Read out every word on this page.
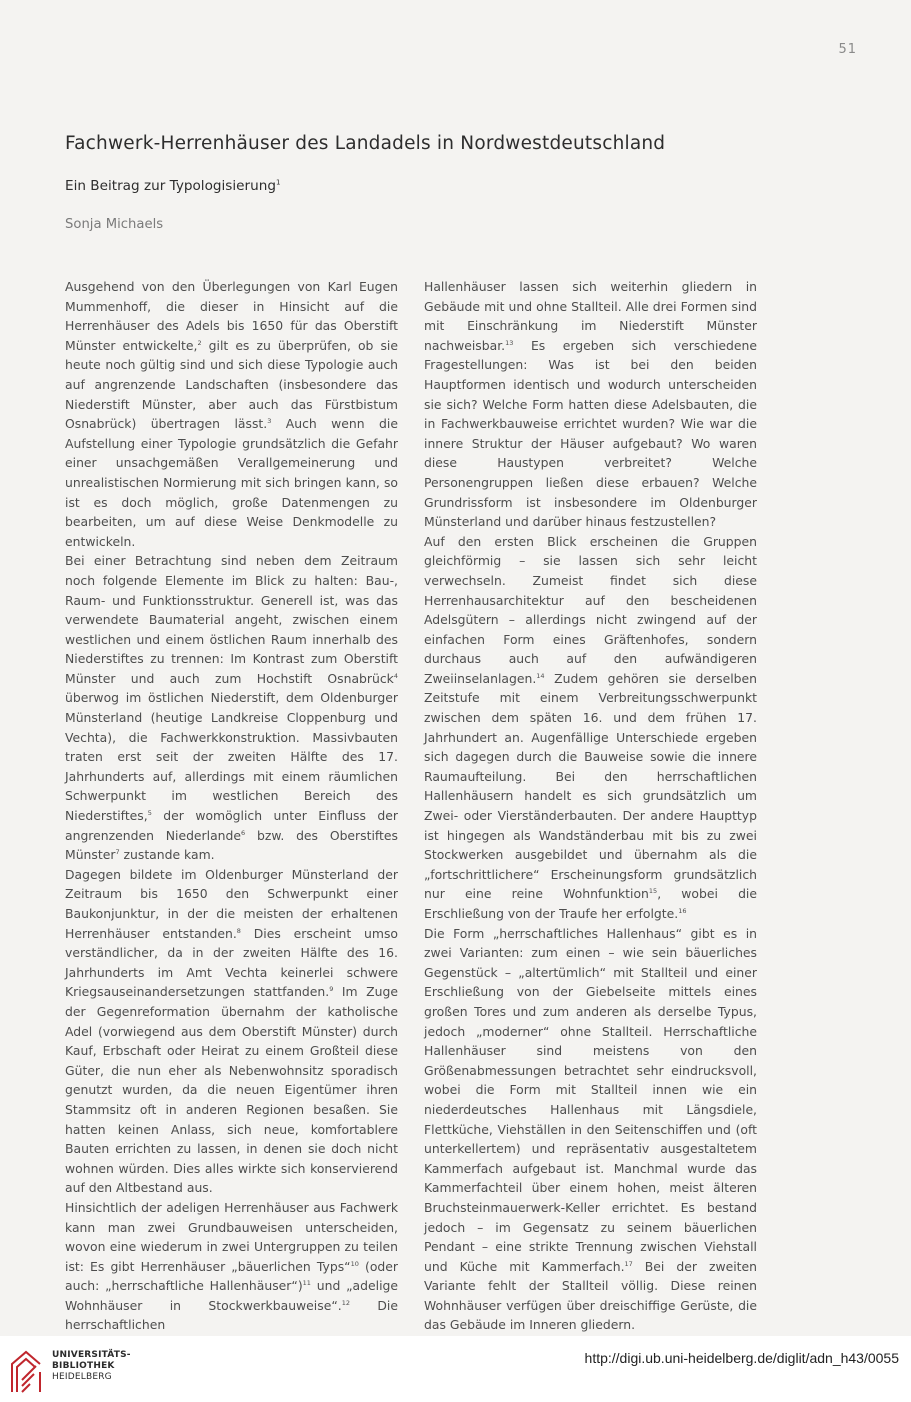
51
Fachwerk-Herrenhäuser des Landadels in Nordwestdeutschland
Ein Beitrag zur Typologisierung$^1$
Sonja Michaels

Ausgehend von den Überlegungen von Karl Eugen Mummenhoff, die dieser in Hinsicht auf die Herrenhäuser des Adels bis 1650 für das Oberstift Münster entwickelte,$^2$ gilt es zu überprüfen, ob sie heute noch gültig sind und sich diese Typologie auch auf angrenzende Landschaften (insbesondere das Niederstift Münster, aber auch das Fürstbistum Osnabrück) übertragen lässt.$^3$ Auch wenn die Aufstellung einer Typologie grundsätzlich die Gefahr einer unsachgemäßen Verallgemeinerung und unrealistischen Normierung mit sich bringen kann, so ist es doch möglich, große Datenmengen zu bearbeiten, um auf diese Weise Denkmodelle zu entwickeln.

Bei einer Betrachtung sind neben dem Zeitraum noch folgende Elemente im Blick zu halten: Bau-, Raum- und Funktionsstruktur. Generell ist, was das verwendete Baumaterial angeht, zwischen einem westlichen und einem östlichen Raum innerhalb des Niederstiftes zu trennen: Im Kontrast zum Oberstift Münster und auch zum Hochstift Osnabrück$^4$ überwog im östlichen Niederstift, dem Oldenburger Münsterland (heutige Landkreise Cloppenburg und Vechta), die Fachwerkkonstruktion. Massivbauten traten erst seit der zweiten Hälfte des 17. Jahrhunderts auf, allerdings mit einem räumlichen Schwerpunkt im westlichen Bereich des Niederstiftes,$^5$ der womöglich unter Einfluss der angrenzenden Niederlande$^6$ bzw. des Oberstiftes Münster$^7$ zustande kam.

Dagegen bildete im Oldenburger Münsterland der Zeitraum bis 1650 den Schwerpunkt einer Baukonjunktur, in der die meisten der erhaltenen Herrenhäuser entstanden.$^8$ Dies erscheint umso verständlicher, da in der zweiten Hälfte des 16. Jahrhunderts im Amt Vechta keinerlei schwere Kriegsauseinandersetzungen stattfanden.$^9$ Im Zuge der Gegenreformation übernahm der katholische Adel (vorwiegend aus dem Oberstift Münster) durch Kauf, Erbschaft oder Heirat zu einem Großteil diese Güter, die nun eher als Nebenwohnsitz sporadisch genutzt wurden, da die neuen Eigentümer ihren Stammsitz oft in anderen Regionen besaßen. Sie hatten keinen Anlass, sich neue, komfortablere Bauten errichten zu lassen, in denen sie doch nicht wohnen würden. Dies alles wirkte sich konservierend auf den Altbestand aus.

Hinsichtlich der adeligen Herrenhäuser aus Fachwerk kann man zwei Grundbauweisen unterscheiden, wovon eine wiederum in zwei Untergruppen zu teilen ist: Es gibt Herrenhäuser „bäuerlichen Typs“$^{10}$ (oder auch: „herrschaftliche Hallenhäuser“)$^{11}$ und „adelige Wohnhäuser in Stockwerkbauweise“.$^{12}$ Die herrschaftlichen

Hallenhäuser lassen sich weiterhin gliedern in Gebäude mit und ohne Stallteil. Alle drei Formen sind mit Einschränkung im Niederstift Münster nachweisbar.$^{13}$ Es ergeben sich verschiedene Fragestellungen: Was ist bei den beiden Hauptformen identisch und wodurch unterscheiden sie sich? Welche Form hatten diese Adelsbauten, die in Fachwerkbauweise errichtet wurden? Wie war die innere Struktur der Häuser aufgebaut? Wo waren diese Haustypen verbreitet? Welche Personengruppen ließen diese erbauen? Welche Grundrissform ist insbesondere im Oldenburger Münsterland und darüber hinaus festzustellen?

Auf den ersten Blick erscheinen die Gruppen gleichförmig – sie lassen sich sehr leicht verwechseln. Zumeist findet sich diese Herrenhausarchitektur auf den bescheidenen Adelsgütern – allerdings nicht zwingend auf der einfachen Form eines Gräftenhofes, sondern durchaus auch auf den aufwändigeren Zweiinselanlagen.$^{14}$ Zudem gehören sie derselben Zeitstufe mit einem Verbreitungsschwerpunkt zwischen dem späten 16. und dem frühen 17. Jahrhundert an. Augenfällige Unterschiede ergeben sich dagegen durch die Bauweise sowie die innere Raumaufteilung. Bei den herrschaftlichen Hallenhäusern handelt es sich grundsätzlich um Zwei- oder Vierständerbauten. Der andere Haupttyp ist hingegen als Wandständerbau mit bis zu zwei Stockwerken ausgebildet und übernahm als die „fortschrittlichere“ Erscheinungsform grundsätzlich nur eine reine Wohnfunktion$^{15}$, wobei die Erschließung von der Traufe her erfolgte.$^{16}$

Die Form „herrschaftliches Hallenhaus“ gibt es in zwei Varianten: zum einen – wie sein bäuerliches Gegenstück – „altertümlich“ mit Stallteil und einer Erschließung von der Giebelseite mittels eines großen Tores und zum anderen als derselbe Typus, jedoch „moderner“ ohne Stallteil. Herrschaftliche Hallenhäuser sind meistens von den Größenabmessungen betrachtet sehr eindrucksvoll, wobei die Form mit Stallteil innen wie ein niederdeutsches Hallenhaus mit Längsdiele, Flettküche, Viehställen in den Seitenschiffen und (oft unterkellertem) und repräsentativ ausgestaltetem Kammerfach aufgebaut ist. Manchmal wurde das Kammerfachteil über einem hohen, meist älteren Bruchsteinmauerwerk-Keller errichtet. Es bestand jedoch – im Gegensatz zu seinem bäuerlichen Pendant – eine strikte Trennung zwischen Viehstall und Küche mit Kammerfach.$^{17}$ Bei der zweiten Variante fehlt der Stallteil völlig. Diese reinen Wohnhäuser verfügen über dreischiffige Gerüste, die das Gebäude im Inneren gliedern.

UNIVERSITÄTS-
BIBLIOTHEK
HEIDELBERG
http://digi.ub.uni-heidelberg.de/diglit/adn_h43/0055
